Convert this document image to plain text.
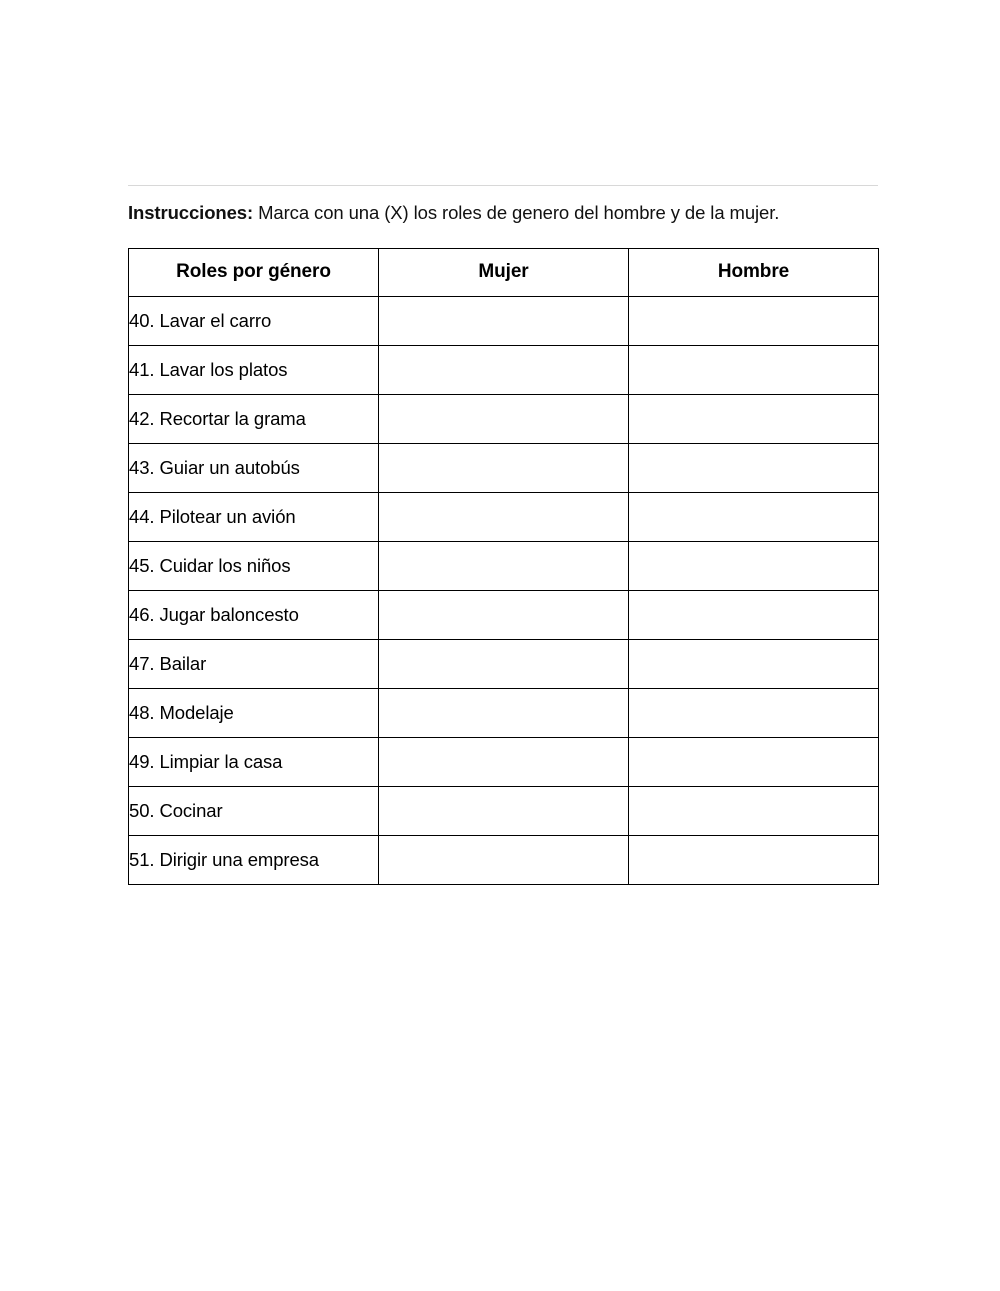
Instrucciones: Marca con una (X) los roles de genero del hombre y de la mujer.

Roles por género	Mujer	Hombre
40. Lavar el carro		
41. Lavar los platos		
42. Recortar la grama		
43. Guiar un autobús		
44. Pilotear un avión		
45. Cuidar los niños		
46. Jugar baloncesto		
47. Bailar		
48. Modelaje		
49. Limpiar la casa		
50. Cocinar		
51. Dirigir una empresa		
